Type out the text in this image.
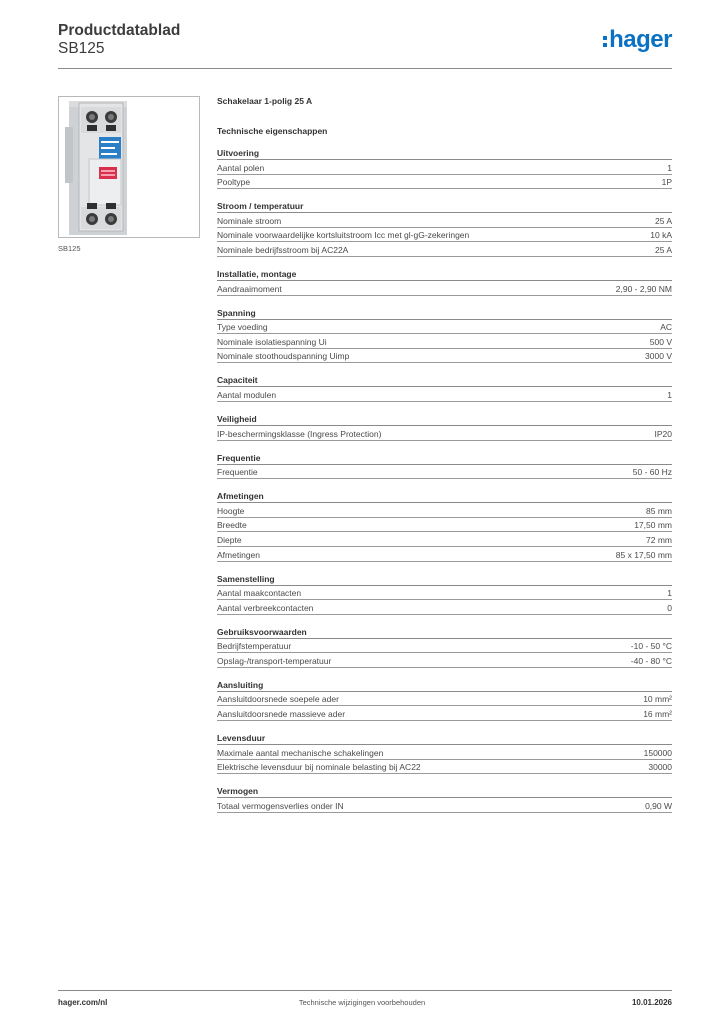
Productdatablad
SB125	hager
SB125
Schakelaar 1-polig 25 A
Technische eigenschappen
Uitvoering
Aantal polen	1
Pooltype	1P
Stroom / temperatuur
Nominale stroom	25 A
Nominale voorwaardelijke kortsluitstroom Icc met gl-gG-zekeringen	10 kA
Nominale bedrijfsstroom bij AC22A	25 A
Installatie, montage
Aandraaimoment	2,90 - 2,90 NM
Spanning
Type voeding	AC
Nominale isolatiespanning Ui	500 V
Nominale stoothoudspanning Uimp	3000 V
Capaciteit
Aantal modulen	1
Veiligheid
IP-beschermingsklasse (Ingress Protection)	IP20
Frequentie
Frequentie	50 - 60 Hz
Afmetingen
Hoogte	85 mm
Breedte	17,50 mm
Diepte	72 mm
Afmetingen	85 x 17,50 mm
Samenstelling
Aantal maakcontacten	1
Aantal verbreekcontacten	0
Gebruiksvoorwaarden
Bedrijfstemperatuur	-10 - 50 °C
Opslag-/transport-temperatuur	-40 - 80 °C
Aansluiting
Aansluitdoorsnede soepele ader	10 mm²
Aansluitdoorsnede massieve ader	16 mm²
Levensduur
Maximale aantal mechanische schakelingen	150000
Elektrische levensduur bij nominale belasting bij AC22	30000
Vermogen
Totaal vermogensverlies onder IN	0,90 W
hager.com/nl	Technische wijzigingen voorbehouden	10.01.2026
